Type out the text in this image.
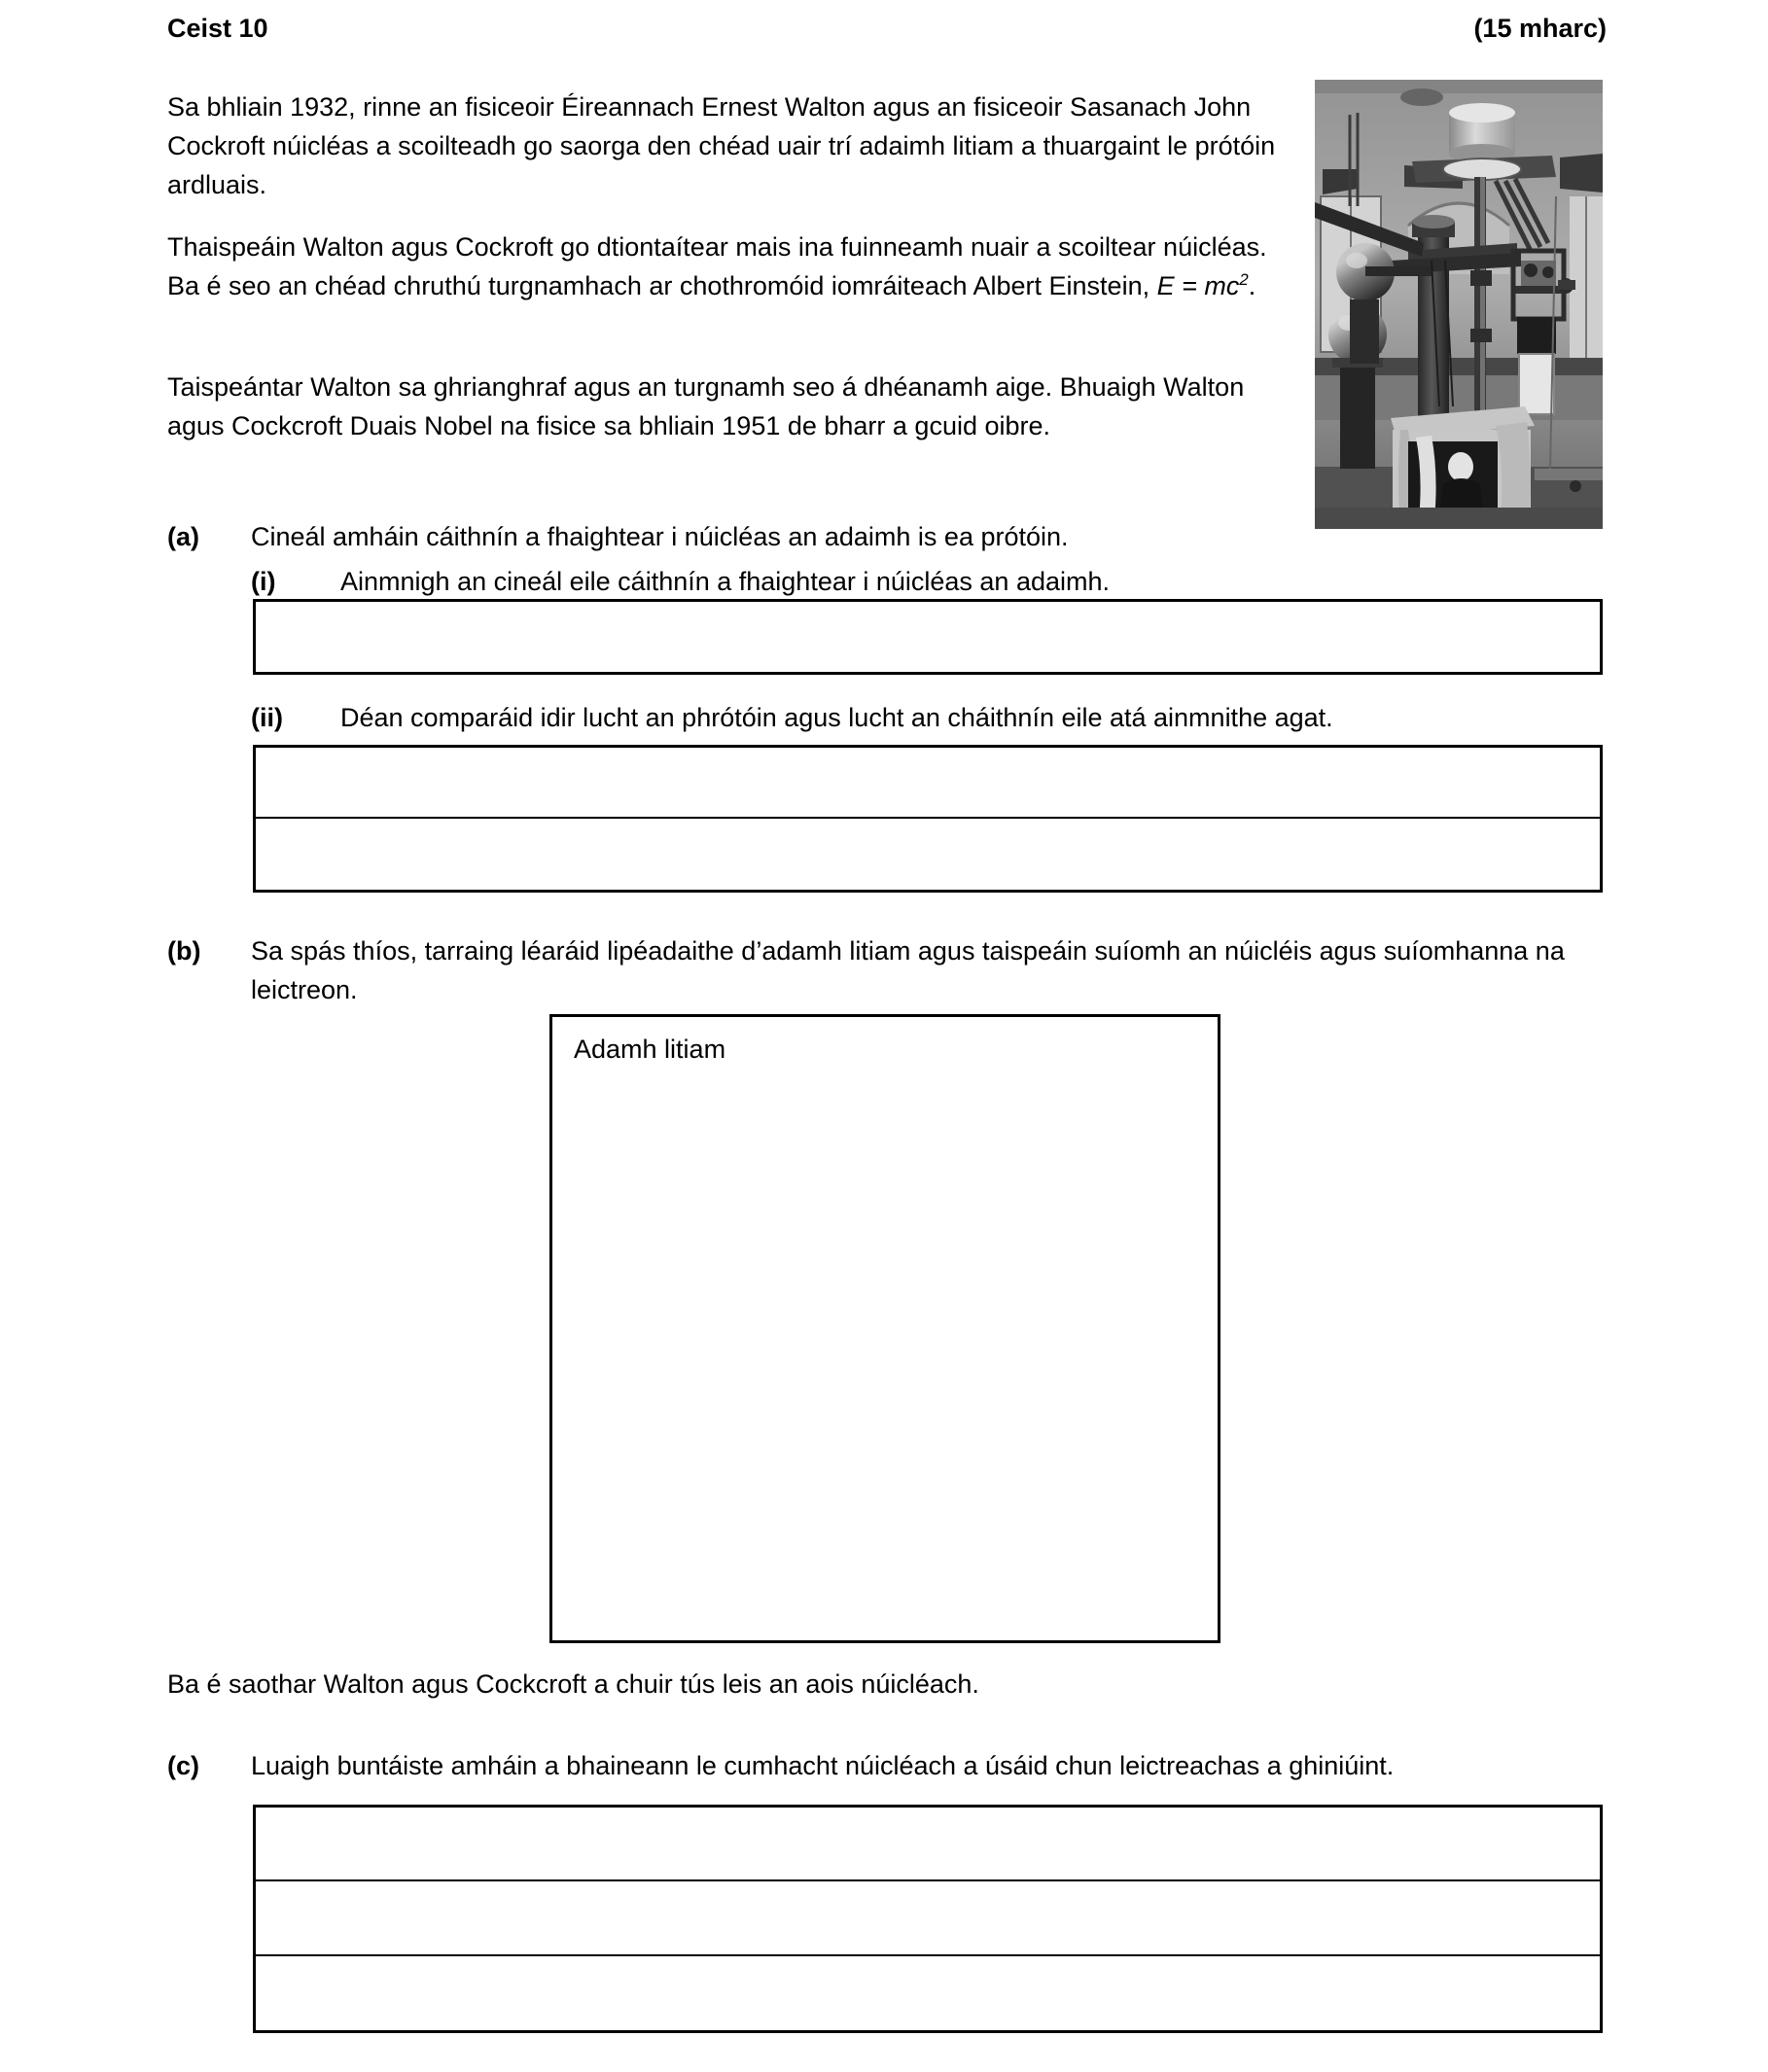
Ceist 10	(15 mharc)
Sa bhliain 1932, rinne an fisiceoir Éireannach Ernest Walton agus an fisiceoir Sasanach John Cockroft núicléas a scoilteadh go saorga den chéad uair trí adaimh litiam a thuargaint le prótóin ardluais.
Thaispeáin Walton agus Cockroft go dtiontaítear mais ina fuinneamh nuair a scoiltear núicléas. Ba é seo an chéad chruthú turgnamhach ar chothromóid iomráiteach Albert Einstein, $E = mc^2$.
Taispeántar Walton sa ghrianghraf agus an turgnamh seo á dhéanamh aige. Bhuaigh Walton agus Cockcroft Duais Nobel na fisice sa bhliain 1951 de bharr a gcuid oibre.
(a)	Cineál amháin cáithnín a fhaightear i núicléas an adaimh is ea prótóin.
(i)	Ainmnigh an cineál eile cáithnín a fhaightear i núicléas an adaimh.
(ii)	Déan comparáid idir lucht an phrótóin agus lucht an cháithnín eile atá ainmnithe agat.
(b)	Sa spás thíos, tarraing léaráid lipéadaithe d’adamh litiam agus taispeáin suíomh an núicléis agus suíomhanna na leictreon.
Adamh litiam
Ba é saothar Walton agus Cockcroft a chuir tús leis an aois núicléach.
(c)	Luaigh buntáiste amháin a bhaineann le cumhacht núicléach a úsáid chun leictreachas a ghiniúint.
